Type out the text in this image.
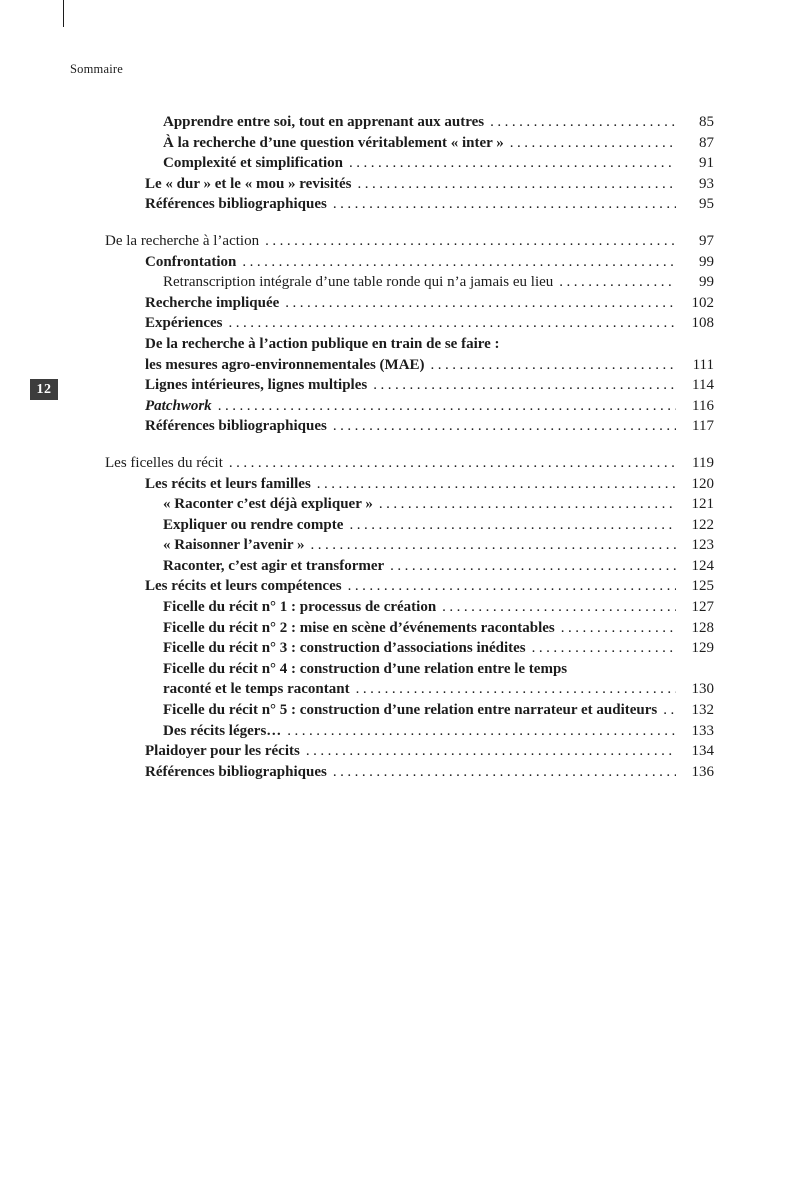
Sommaire
12
Apprendre entre soi, tout en apprenant aux autres .....	85
À la recherche d’une question véritablement « inter » .....	87
Complexité et simplification .....	91
Le « dur » et le « mou » revisités .....	93
Références bibliographiques .....	95
De la recherche à l’action .....	97
Confrontation .....	99
Retranscription intégrale d’une table ronde qui n’a jamais eu lieu .....	99
Recherche impliquée .....	102
Expériences .....	108
De la recherche à l’action publique en train de se faire :
les mesures agro-environnementales (MAE) .....	111
Lignes intérieures, lignes multiples .....	114
Patchwork .....	116
Références bibliographiques .....	117
Les ficelles du récit .....	119
Les récits et leurs familles .....	120
« Raconter c’est déjà expliquer » .....	121
Expliquer ou rendre compte .....	122
« Raisonner l’avenir » .....	123
Raconter, c’est agir et transformer .....	124
Les récits et leurs compétences .....	125
Ficelle du récit n° 1 : processus de création .....	127
Ficelle du récit n° 2 : mise en scène d’événements racontables .....	128
Ficelle du récit n° 3 : construction d’associations inédites .....	129
Ficelle du récit n° 4 : construction d’une relation entre le temps
raconté et le temps racontant .....	130
Ficelle du récit n° 5 : construction d’une relation entre narrateur et auditeurs .....	132
Des récits légers… .....	133
Plaidoyer pour les récits .....	134
Références bibliographiques .....	136
